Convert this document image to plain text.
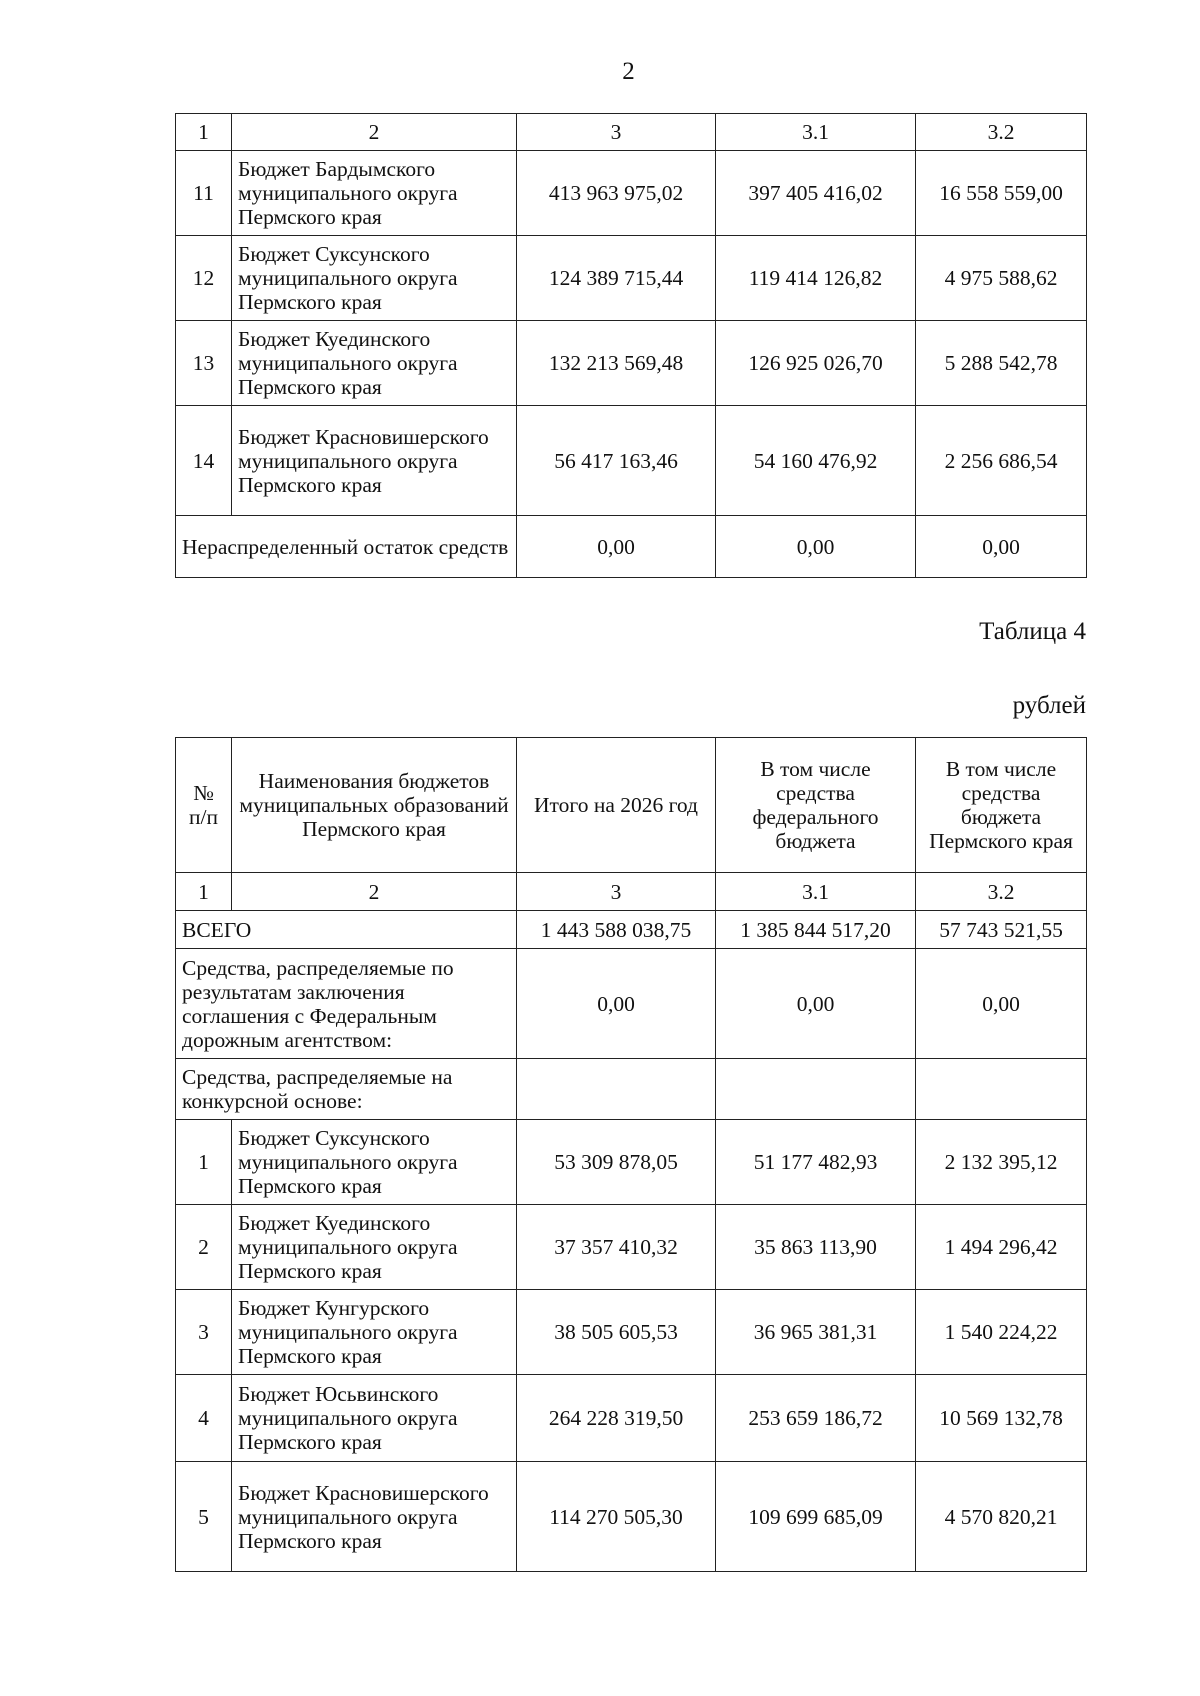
2
1	2	3	3.1	3.2
11	Бюджет Бардымского муниципального округа Пермского края	413 963 975,02	397 405 416,02	16 558 559,00
12	Бюджет Суксунского муниципального округа Пермского края	124 389 715,44	119 414 126,82	4 975 588,62
13	Бюджет Куединского муниципального округа Пермского края	132 213 569,48	126 925 026,70	5 288 542,78
14	Бюджет Красновишерского муниципального округа Пермского края	56 417 163,46	54 160 476,92	2 256 686,54
Нераспределенный остаток средств		0,00	0,00	0,00
Таблица 4
рублей
№ п/п	Наименования бюджетов муниципальных образований Пермского края	Итого на 2026 год	В том числе средства федерального бюджета	В том числе средства бюджета Пермского края
1	2	3	3.1	3.2
ВСЕГО		1 443 588 038,75	1 385 844 517,20	57 743 521,55
Средства, распределяемые по результатам заключения соглашения с Федеральным дорожным агентством:		0,00	0,00	0,00
Средства, распределяемые на конкурсной основе:				
1	Бюджет Суксунского муниципального округа Пермского края	53 309 878,05	51 177 482,93	2 132 395,12
2	Бюджет Куединского муниципального округа Пермского края	37 357 410,32	35 863 113,90	1 494 296,42
3	Бюджет Кунгурского муниципального округа Пермского края	38 505 605,53	36 965 381,31	1 540 224,22
4	Бюджет Юсьвинского муниципального округа Пермского края	264 228 319,50	253 659 186,72	10 569 132,78
5	Бюджет Красновишерского муниципального округа Пермского края	114 270 505,30	109 699 685,09	4 570 820,21
